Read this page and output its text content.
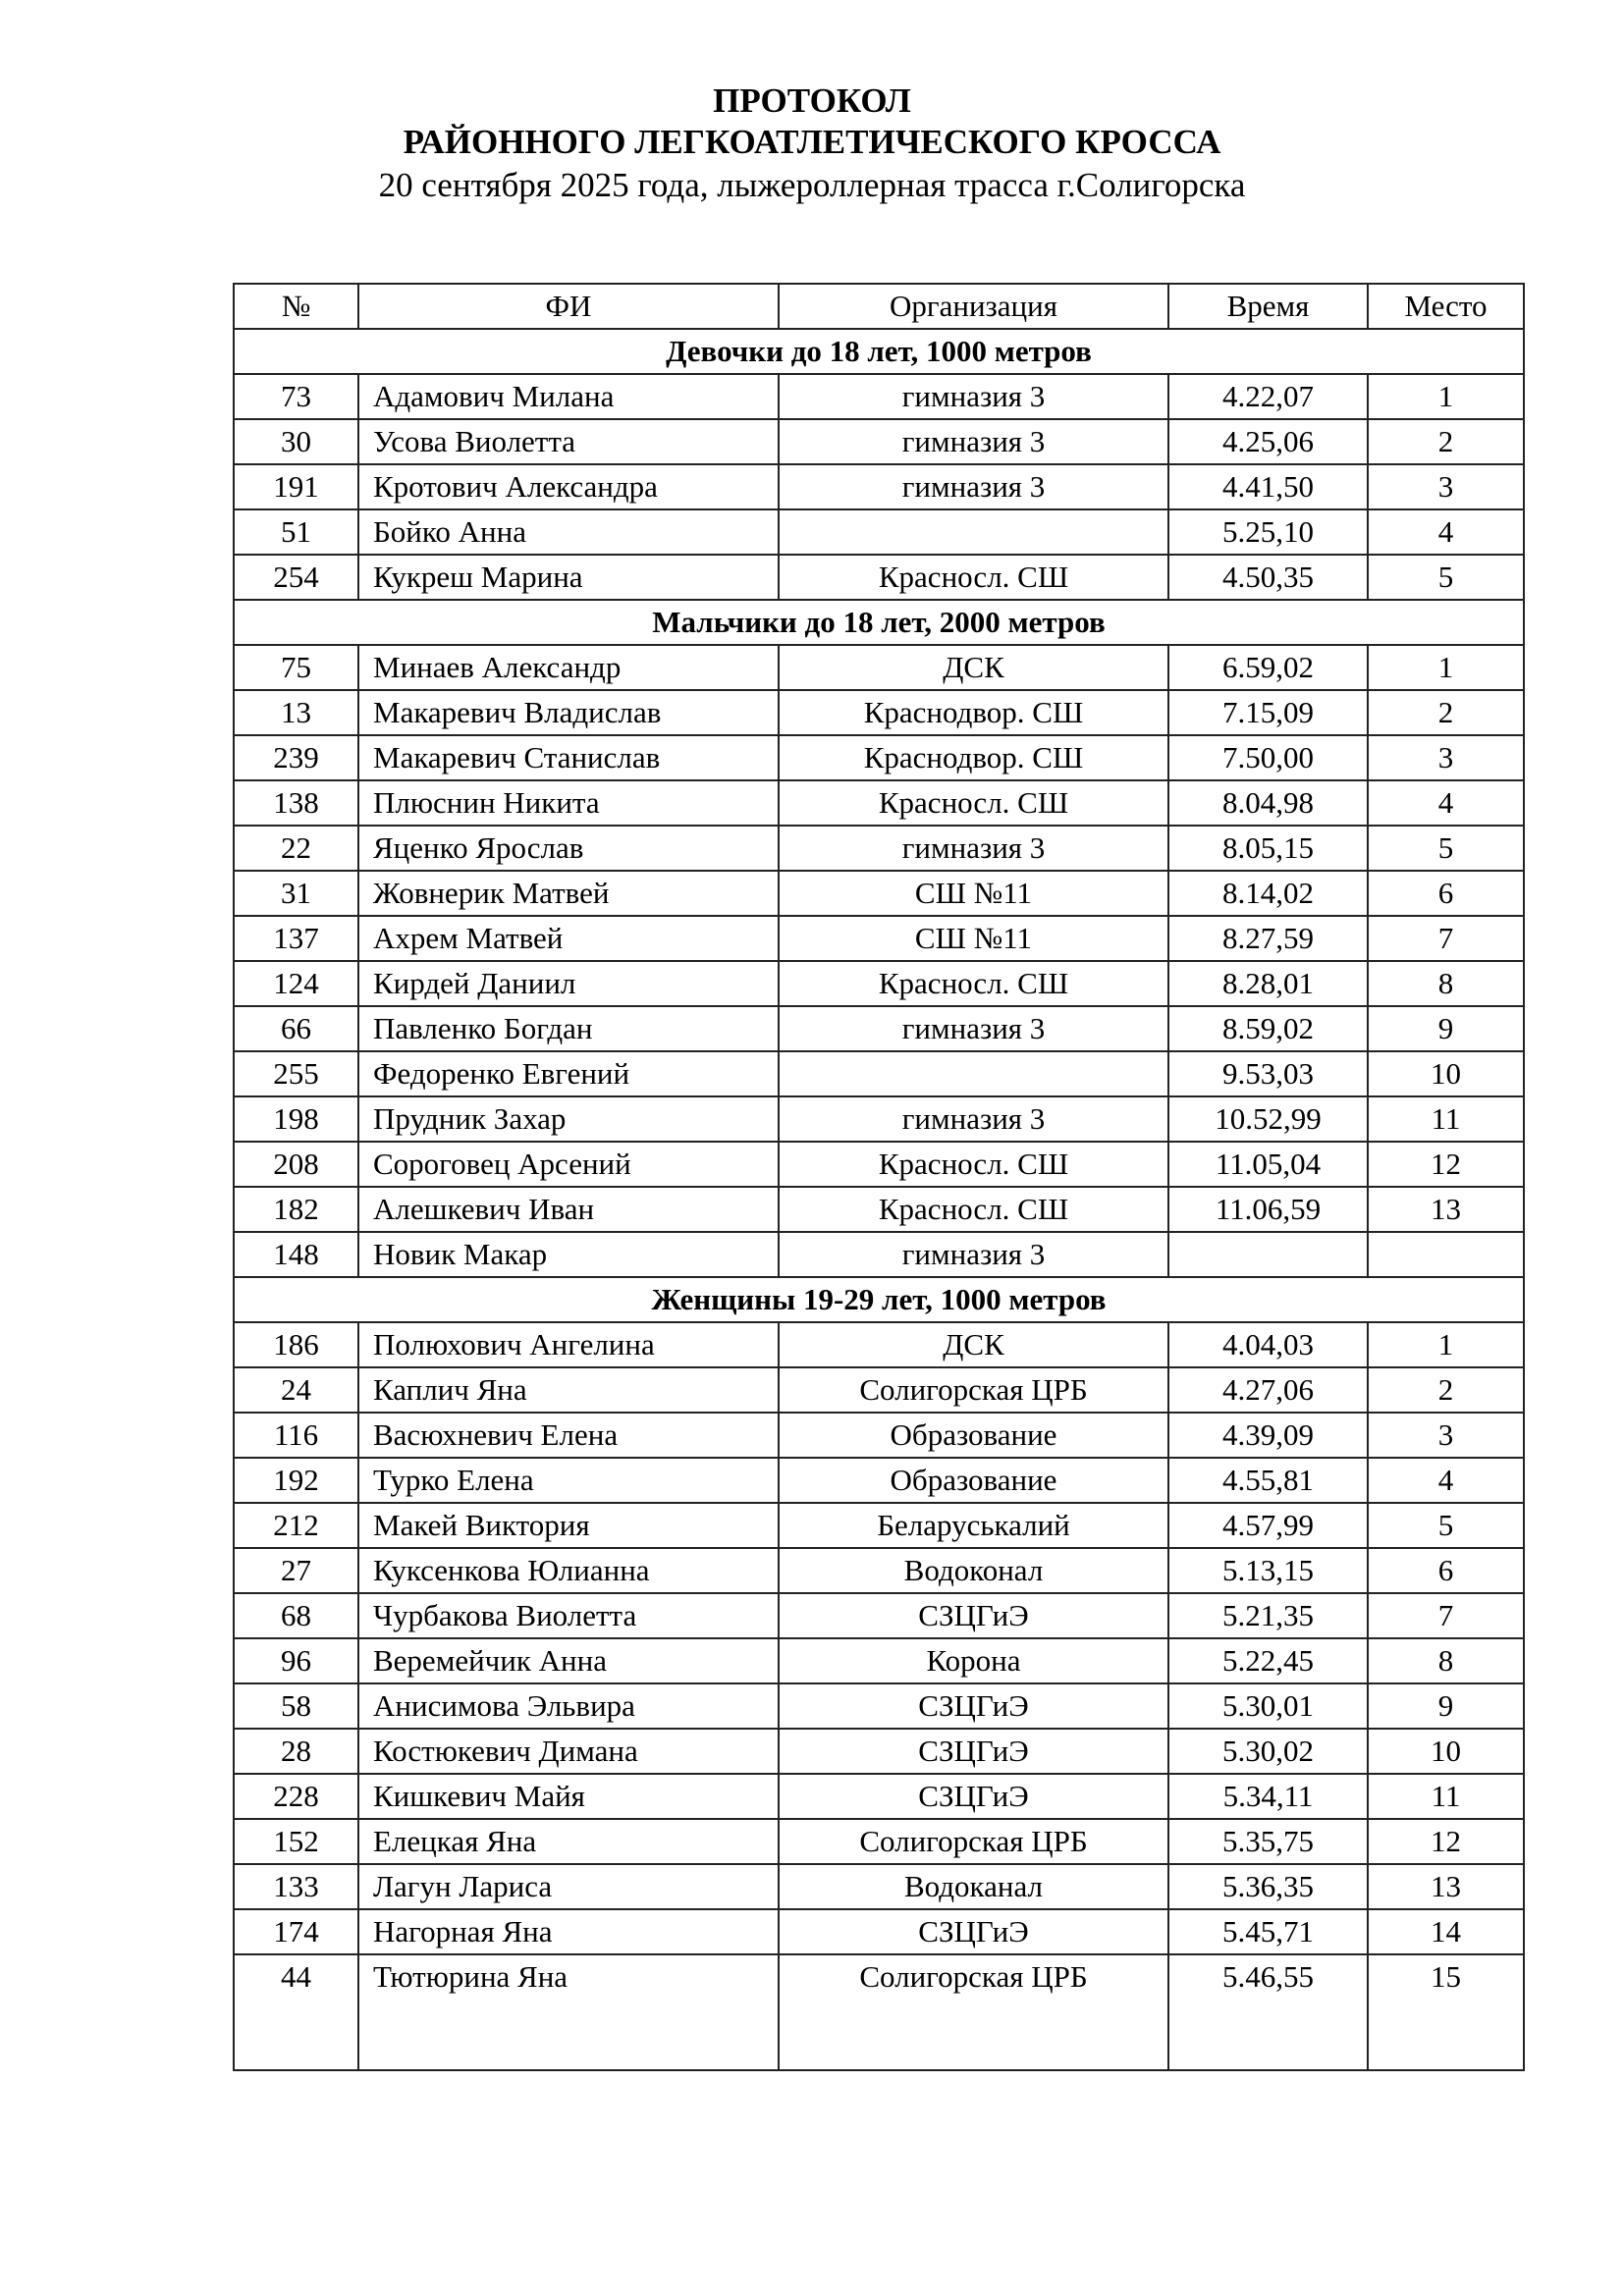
ПРОТОКОЛ
РАЙОННОГО ЛЕГКОАТЛЕТИЧЕСКОГО КРОССА
20 сентября 2025 года, лыжероллерная трасса г.Солигорска
№	ФИ	Организация	Время	Место
Девочки до 18 лет, 1000 метров				
73	Адамович Милана	гимназия 3	4.22,07	1
30	Усова Виолетта	гимназия 3	4.25,06	2
191	Кротович Александра	гимназия 3	4.41,50	3
51	Бойко Анна		5.25,10	4
254	Кукреш Марина	Красносл. СШ	4.50,35	5
Мальчики до 18 лет, 2000 метров				
75	Минаев Александр	ДСК	6.59,02	1
13	Макаревич Владислав	Краснодвор. СШ	7.15,09	2
239	Макаревич Станислав	Краснодвор. СШ	7.50,00	3
138	Плюснин Никита	Красносл. СШ	8.04,98	4
22	Яценко Ярослав	гимназия 3	8.05,15	5
31	Жовнерик Матвей	СШ №11	8.14,02	6
137	Ахрем Матвей	СШ №11	8.27,59	7
124	Кирдей Даниил	Красносл. СШ	8.28,01	8
66	Павленко Богдан	гимназия 3	8.59,02	9
255	Федоренко Евгений		9.53,03	10
198	Прудник Захар	гимназия 3	10.52,99	11
208	Сороговец Арсений	Красносл. СШ	11.05,04	12
182	Алешкевич Иван	Красносл. СШ	11.06,59	13
148	Новик Макар	гимназия 3		
Женщины 19-29 лет, 1000 метров				
186	Полюхович Ангелина	ДСК	4.04,03	1
24	Каплич Яна	Солигорская ЦРБ	4.27,06	2
116	Васюхневич Елена	Образование	4.39,09	3
192	Турко Елена	Образование	4.55,81	4
212	Макей Виктория	Беларуськалий	4.57,99	5
27	Куксенкова Юлианна	Водоконал	5.13,15	6
68	Чурбакова Виолетта	СЗЦГиЭ	5.21,35	7
96	Веремейчик Анна	Корона	5.22,45	8
58	Анисимова Эльвира	СЗЦГиЭ	5.30,01	9
28	Костюкевич Димана	СЗЦГиЭ	5.30,02	10
228	Кишкевич Майя	СЗЦГиЭ	5.34,11	11
152	Елецкая Яна	Солигорская ЦРБ	5.35,75	12
133	Лагун Лариса	Водоканал	5.36,35	13
174	Нагорная Яна	СЗЦГиЭ	5.45,71	14
44	Тютюрина Яна	Солигорская ЦРБ	5.46,55	15
